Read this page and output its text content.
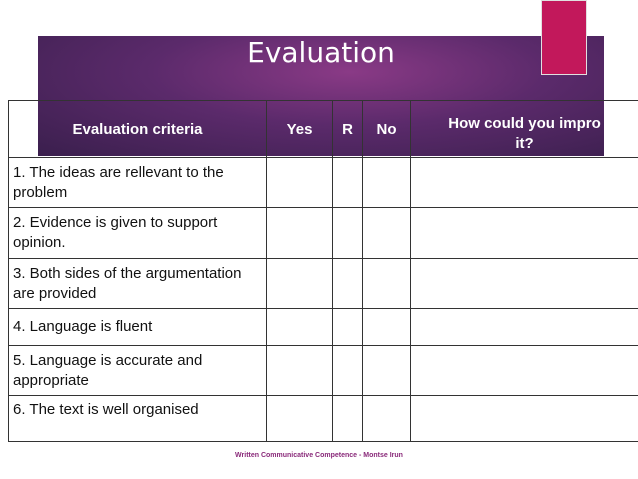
Evaluation
Evaluation criteria	Yes	R	No	How could you impro
it?

1. The ideas are rellevant to the problem				
2. Evidence is given to support opinion.				
3. Both sides of the argumentation are provided				
4. Language is fluent				
5. Language is accurate and appropriate				
6. The text is well organised				
Written Communicative Competence - Montse Irun
